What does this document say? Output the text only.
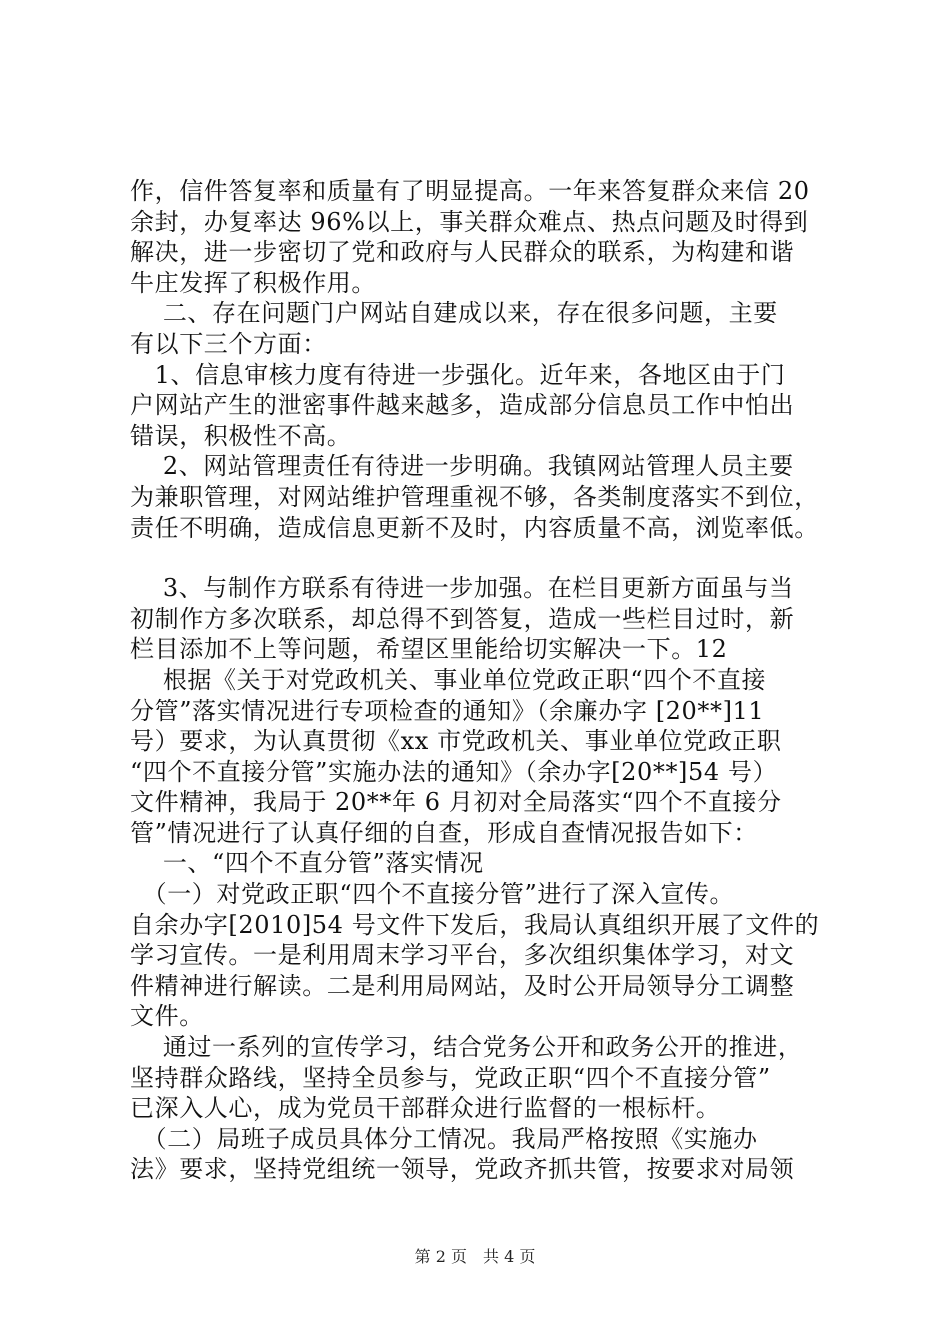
作，信件答复率和质量有了明显提高。一年来答复群众来信 20
余封，办复率达 96%以上，事关群众难点、热点问题及时得到
解决，进一步密切了党和政府与人民群众的联系，为构建和谐
牛庄发挥了积极作用。
　 二、存在问题门户网站自建成以来，存在很多问题，主要
有以下三个方面：
　1、信息审核力度有待进一步强化。近年来，各地区由于门
户网站产生的泄密事件越来越多，造成部分信息员工作中怕出
错误，积极性不高。
　 2、网站管理责任有待进一步明确。我镇网站管理人员主要
为兼职管理，对网站维护管理重视不够，各类制度落实不到位，
责任不明确，造成信息更新不及时，内容质量不高，浏览率低。
　 3、与制作方联系有待进一步加强。在栏目更新方面虽与当
初制作方多次联系，却总得不到答复，造成一些栏目过时，新
栏目添加不上等问题，希望区里能给切实解决一下。12
　 根据《关于对党政机关、事业单位党政正职“四个不直接
分管”落实情况进行专项检查的通知》（余廉办字 [20**]11
号）要求，为认真贯彻《xx 市党政机关、事业单位党政正职
“四个不直接分管”实施办法的通知》（余办字[20**]54 号）
文件精神，我局于 20**年 6 月初对全局落实“四个不直接分
管”情况进行了认真仔细的自查，形成自查情况报告如下：
　 一、“四个不直分管”落实情况
　（一）对党政正职“四个不直接分管”进行了深入宣传。
自余办字[2010]54 号文件下发后，我局认真组织开展了文件的
学习宣传。一是利用周末学习平台，多次组织集体学习，对文
件精神进行解读。二是利用局网站，及时公开局领导分工调整
文件。
　 通过一系列的宣传学习，结合党务公开和政务公开的推进，
坚持群众路线，坚持全员参与，党政正职“四个不直接分管”
已深入人心，成为党员干部群众进行监督的一根标杆。
　（二）局班子成员具体分工情况。我局严格按照《实施办
法》要求，坚持党组统一领导，党政齐抓共管，按要求对局领
第 2 页　共 4 页
